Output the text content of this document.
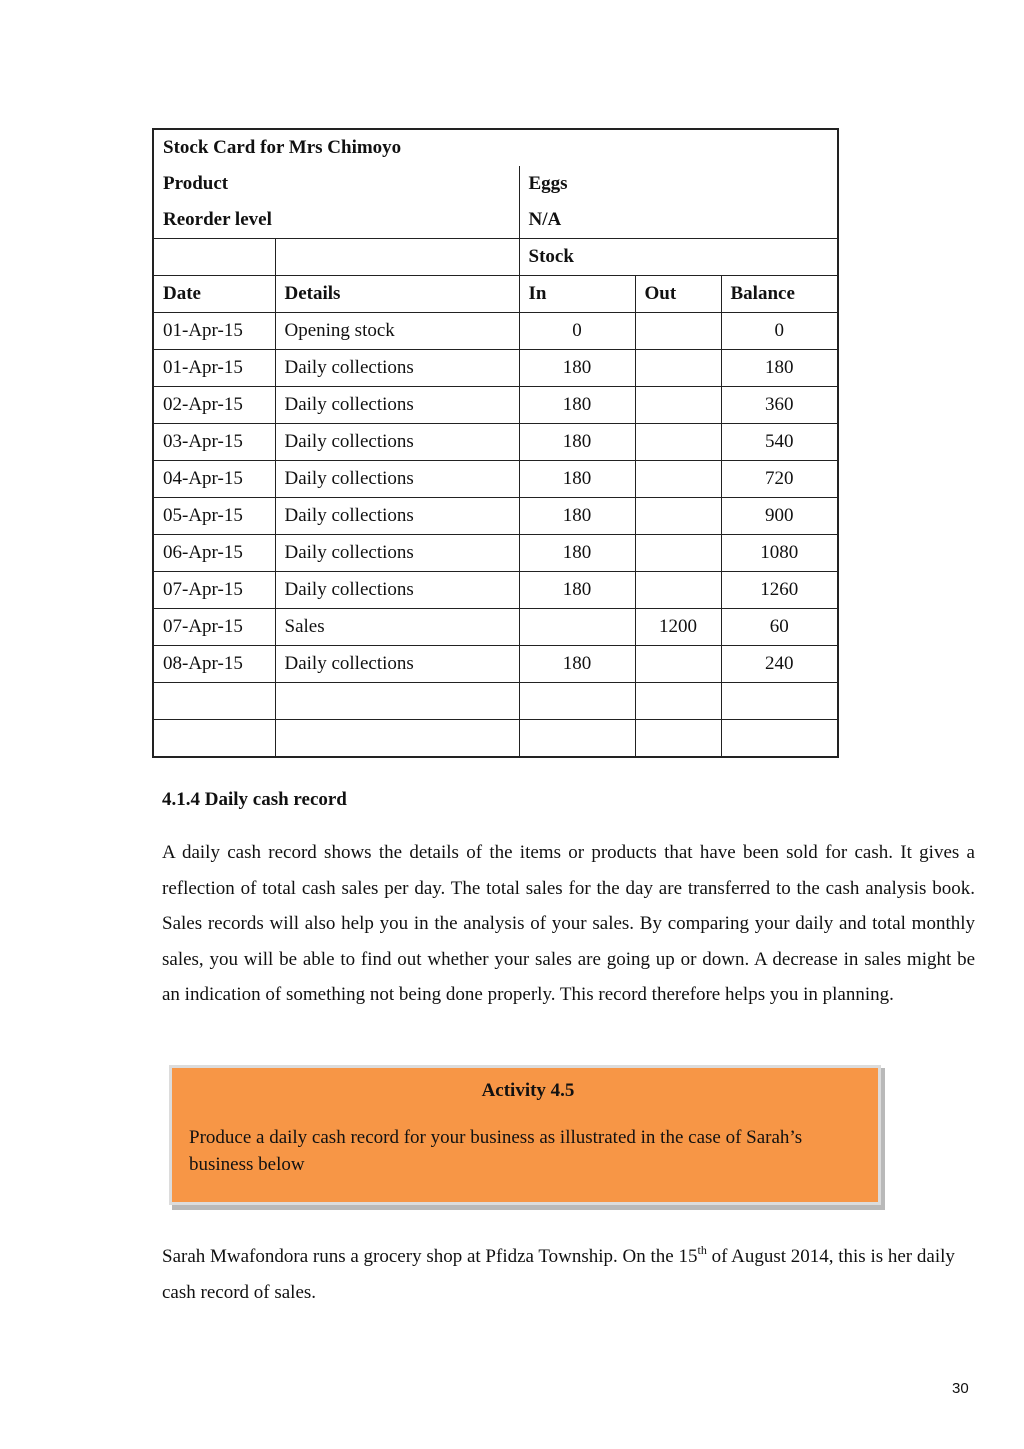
Stock Card for Mrs Chimoyo				
Product		Eggs		
Reorder level		N/A		
		Stock		
Date	Details	In	Out	Balance
01-Apr-15	Opening stock	0		0
01-Apr-15	Daily collections	180		180
02-Apr-15	Daily collections	180		360
03-Apr-15	Daily collections	180		540
04-Apr-15	Daily collections	180		720
05-Apr-15	Daily collections	180		900
06-Apr-15	Daily collections	180		1080
07-Apr-15	Daily collections	180		1260
07-Apr-15	Sales		1200	60
08-Apr-15	Daily collections	180		240

4.1.4 Daily cash record

A daily cash record shows the details of the items or products that have been sold for cash. It gives a reflection of total cash sales per day. The total sales for the day are transferred to the cash analysis book. Sales records will also help you in the analysis of your sales. By comparing your daily and total monthly sales, you will be able to find out whether your sales are going up or down. A decrease in sales might be an indication of something not being done properly. This record therefore helps you in planning.

Activity 4.5

Produce a daily cash record for your business as illustrated in the case of Sarah’s business below

Sarah Mwafondora runs a grocery shop at Pfidza Township. On the 15th of August 2014, this is her daily cash record of sales.

30
